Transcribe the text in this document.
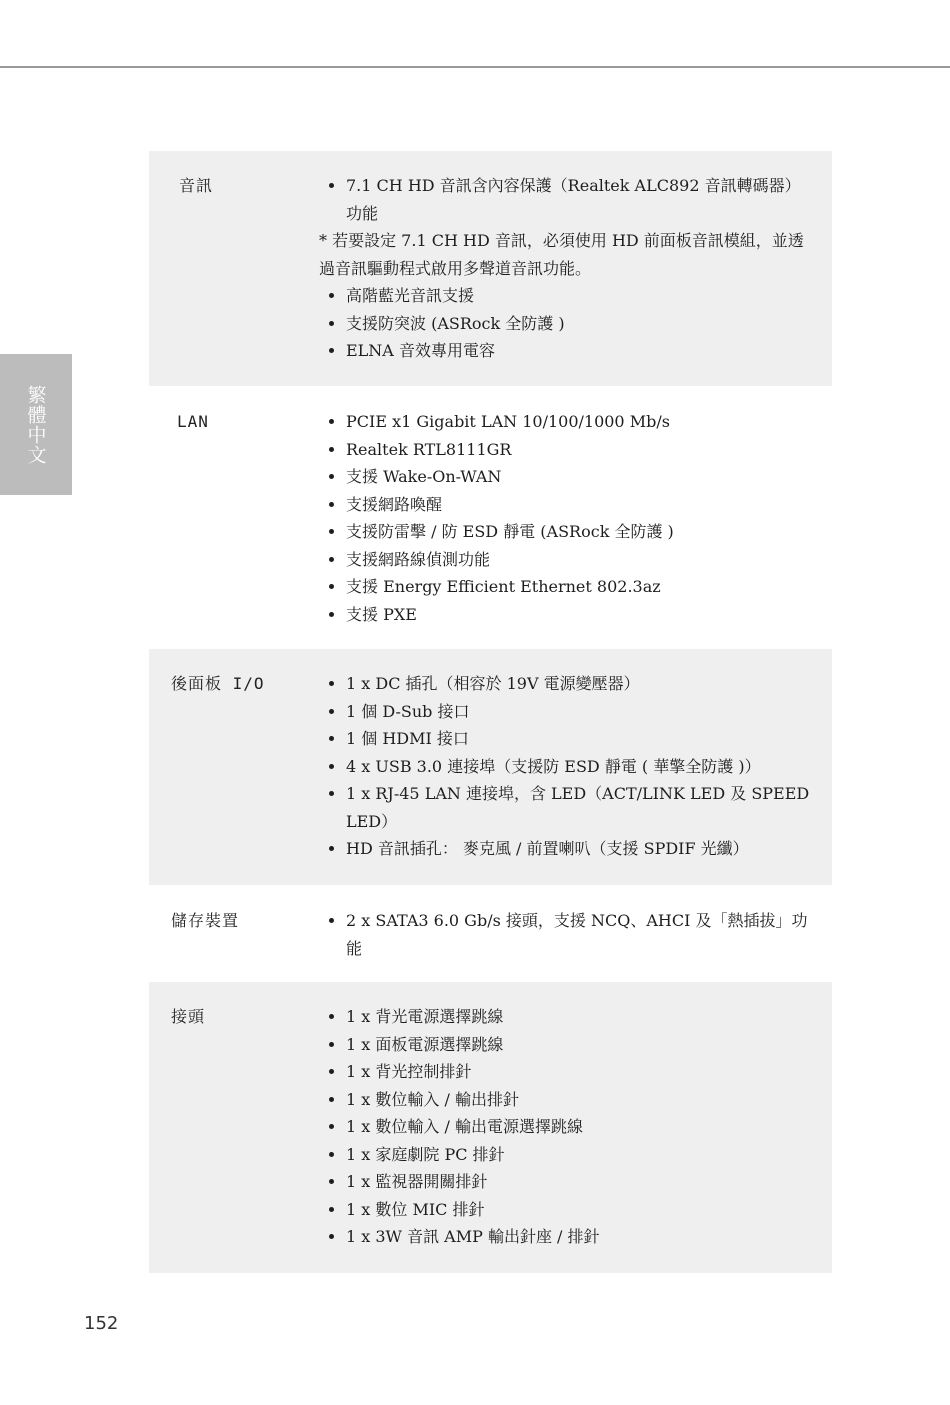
繁體中文
音訊	• 7.1 CH HD 音訊含內容保護（Realtek ALC892 音訊轉碼器）功能

* 若要設定 7.1 CH HD 音訊，必須使用 HD 前面板音訊模組，並透過音訊驅動程式啟用多聲道音訊功能。

• 高階藍光音訊支援
• 支援防突波 (ASRock 全防護 )
• ELNA 音效專用電容
LAN	• PCIE x1 Gigabit LAN 10/100/1000 Mb/s
• Realtek RTL8111GR
• 支援 Wake-On-WAN
• 支援網路喚醒
• 支援防雷擊 / 防 ESD 靜電 (ASRock 全防護 )
• 支援網路線偵測功能
• 支援 Energy Efficient Ethernet 802.3az
• 支援 PXE
後面板 I/O	• 1 x DC 插孔（相容於 19V 電源變壓器）
• 1 個 D-Sub 接口
• 1 個 HDMI 接口
• 4 x USB 3.0 連接埠（支援防 ESD 靜電 ( 華擎全防護 )）
• 1 x RJ-45 LAN 連接埠，含 LED（ACT/LINK LED 及 SPEED LED）
• HD 音訊插孔： 麥克風 / 前置喇叭（支援 SPDIF 光纖）
儲存裝置	• 2 x SATA3 6.0 Gb/s 接頭，支援 NCQ、AHCI 及「熱插拔」功能
接頭	• 1 x 背光電源選擇跳線
• 1 x 面板電源選擇跳線
• 1 x 背光控制排針
• 1 x 數位輸入 / 輸出排針
• 1 x 數位輸入 / 輸出電源選擇跳線
• 1 x 家庭劇院 PC 排針
• 1 x 監視器開關排針
• 1 x 數位 MIC 排針
• 1 x 3W 音訊 AMP 輸出針座 / 排針
152
